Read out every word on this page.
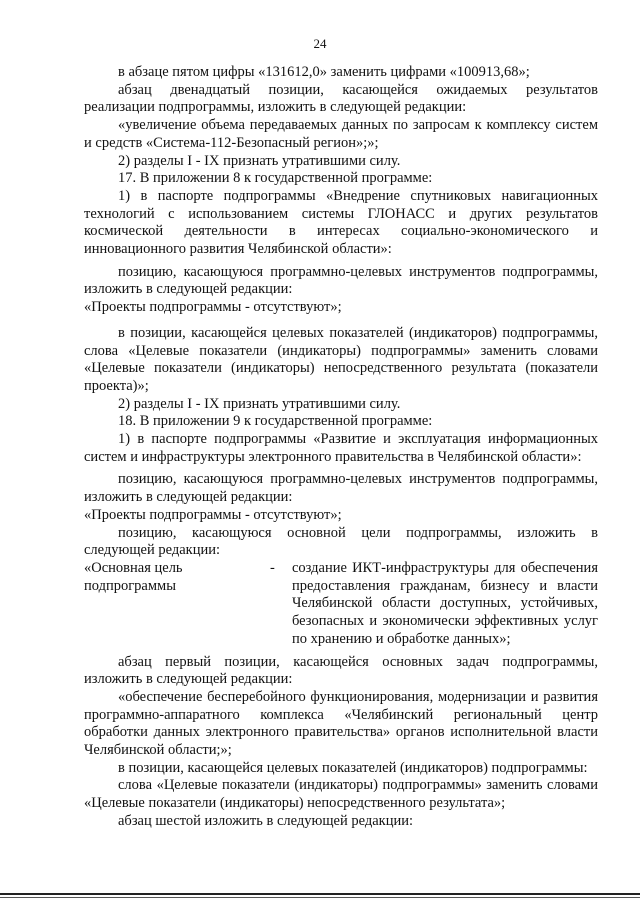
24

в абзаце пятом цифры «131612,0» заменить цифрами «100913,68»;

абзац двенадцатый позиции, касающейся ожидаемых результатов реализации подпрограммы, изложить в следующей редакции:

«увеличение объема передаваемых данных по запросам к комплексу систем и средств «Система-112-Безопасный регион»;»;

2) разделы I - IX признать утратившими силу.

17. В приложении 8 к государственной программе:

1) в паспорте подпрограммы «Внедрение спутниковых навигационных технологий с использованием системы ГЛОНАСС и других результатов космической деятельности в интересах социально-экономического и инновационного развития Челябинской области»:

позицию, касающуюся программно-целевых инструментов подпрограммы, изложить в следующей редакции:

«Проекты подпрограммы - отсутствуют»;

в позиции, касающейся целевых показателей (индикаторов) подпрограммы, слова «Целевые показатели (индикаторы) подпрограммы» заменить словами «Целевые показатели (индикаторы) непосредственного результата (показатели проекта)»;

2) разделы I - IX признать утратившими силу.

18. В приложении 9 к государственной программе:

1) в паспорте подпрограммы «Развитие и эксплуатация информационных систем и инфраструктуры электронного правительства в Челябинской области»:

позицию, касающуюся программно-целевых инструментов подпрограммы, изложить в следующей редакции:

«Проекты подпрограммы - отсутствуют»;

позицию, касающуюся основной цели подпрограммы, изложить в следующей редакции:

«Основная цель подпрограммы
-	создание ИКТ-инфраструктуры для обеспечения предоставления гражданам, бизнесу и власти Челябинской области доступных, устойчивых, безопасных и экономически эффективных услуг по хранению и обработке данных»;

абзац первый позиции, касающейся основных задач подпрограммы, изложить в следующей редакции:

«обеспечение бесперебойного функционирования, модернизации и развития программно-аппаратного комплекса «Челябинский региональный центр обработки данных электронного правительства» органов исполнительной власти Челябинской области;»;

в позиции, касающейся целевых показателей (индикаторов) подпрограммы:

слова «Целевые показатели (индикаторы) подпрограммы» заменить словами «Целевые показатели (индикаторы) непосредственного результата»;

абзац шестой изложить в следующей редакции:
